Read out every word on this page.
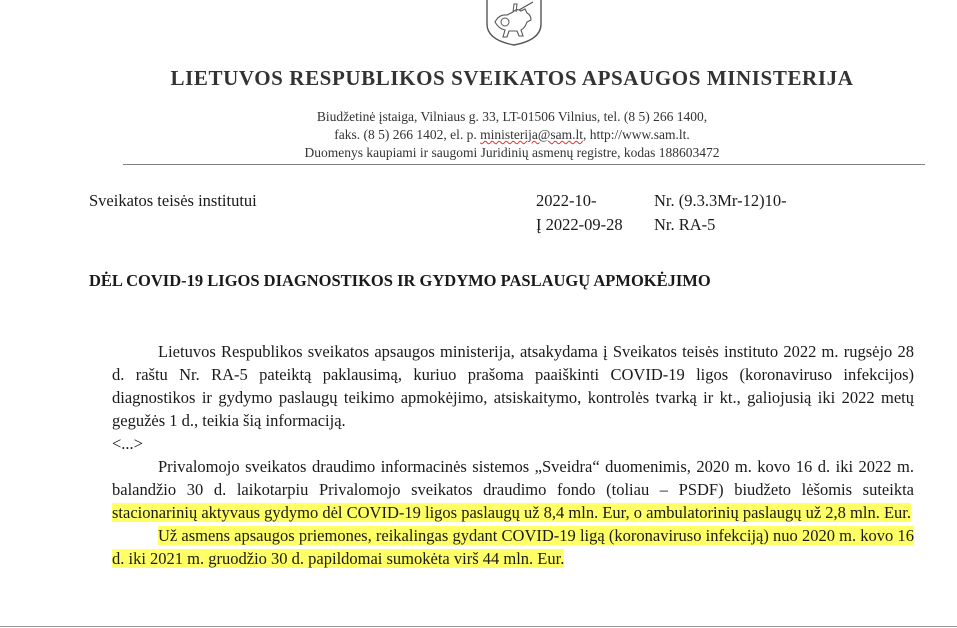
LIETUVOS RESPUBLIKOS SVEIKATOS APSAUGOS MINISTERIJA
Biudžetinė įstaiga, Vilniaus g. 33, LT-01506 Vilnius, tel. (8 5) 266 1400,
faks. (8 5) 266 1402, el. p. ministerija@sam.lt, http://www.sam.lt.
Duomenys kaupiami ir saugomi Juridinių asmenų registre, kodas 188603472
Sveikatos teisės institutui	2022-10-	Nr. (9.3.3Mr-12)10-
Į 2022-09-28 Nr. RA-5
DĖL COVID-19 LIGOS DIAGNOSTIKOS IR GYDYMO PASLAUGŲ APMOKĖJIMO

Lietuvos Respublikos sveikatos apsaugos ministerija, atsakydama į Sveikatos teisės instituto 2022 m. rugsėjo 28 d. raštu Nr. RA-5 pateiktą paklausimą, kuriuo prašoma paaiškinti COVID-19 ligos (koronaviruso infekcijos) diagnostikos ir gydymo paslaugų teikimo apmokėjimo, atsiskaitymo, kontrolės tvarką ir kt., galiojusią iki 2022 metų gegužės 1 d., teikia šią informaciją.

<...>

Privalomojo sveikatos draudimo informacinės sistemos „Sveidra“ duomenimis, 2020 m. kovo 16 d. iki 2022 m. balandžio 30 d. laikotarpiu Privalomojo sveikatos draudimo fondo (toliau – PSDF) biudžeto lėšomis suteikta stacionarinių aktyvaus gydymo dėl COVID-19 ligos paslaugų už 8,4 mln. Eur, o ambulatorinių paslaugų už 2,8 mln. Eur.

Už asmens apsaugos priemones, reikalingas gydant COVID-19 ligą (koronaviruso infekciją) nuo 2020 m. kovo 16 d. iki 2021 m. gruodžio 30 d. papildomai sumokėta virš 44 mln. Eur.
